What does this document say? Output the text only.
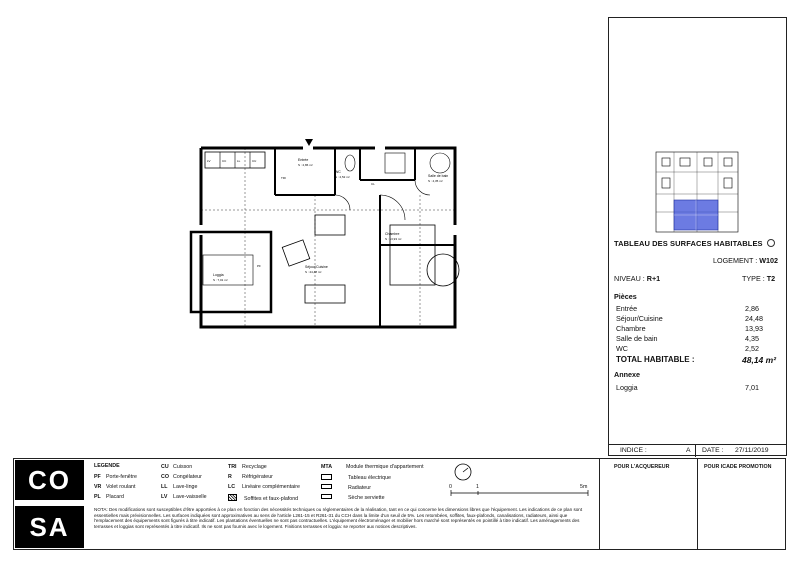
Entrée
S : 2,86 m²
WC
S : 2,52 m²	Salle de bain
S : 4,35 m²
Chambre
S : 13,93 m²
Séjour/Cuisine
S : 24,48 m²
Loggia
S : 7,01 m²
LV	CC	LL	CU
PF
TRI
CL
TABLEAU DES SURFACES HABITABLES
LOGEMENT : W102
NIVEAU : R+1	TYPE : T2
Pièces
Entrée	2,86
Séjour/Cuisine	24,48
Chambre	13,93
Salle de bain	4,35
WC	2,52
TOTAL HABITABLE :	48,14 m²
Annexe
Loggia	7,01
INDICE :	A DATE : 27/11/2019
CO
SA
LEGENDE
PF Porte-fenêtre
VR Volet roulant
PL Placard
CU Cuisson
CO Congélateur
LL Lave-linge
LV Lave-vaisselle
TRI Recyclage
R Réfrigérateur
LC Linéaire complémentaire
Soffites et faux-plafond
MTA	Module thermique d'appartement
Tableau électrique
Radiateur
Sèche serviette
0	1	5m
NOTA: Des modifications sont susceptibles d'être apportées à ce plan en fonction des nécessités techniques ou réglementaires de la réalisation, tant en ce qui concerne les dimensions libres que l'équipement. Les indications de ce plan sont essentielles mais prévisionnelles. Les surfaces indiquées sont approximatives au sens de l'article L261-15 et R261-31 du CCH dans la limite d'un seuil de 5%. Les retombées, soffites, faux-plafonds, canalisations, radiateurs, ainsi que l'emplacement des équipements sont figurés à titre indicatif. Les plantations éventuelles ne sont pas contractuelles. L'équipement électroménager et mobilier hors marché sont représentés en pointillé à titre indicatif. Les aménagements des terrasses et loggias sont représentés à titre indicatif. Ils ne sont pas fournis avec le logement. Finitions terrasses et loggia: se reporter aux notices descriptives.
POUR L'ACQUEREUR	POUR ICADE PROMOTION
